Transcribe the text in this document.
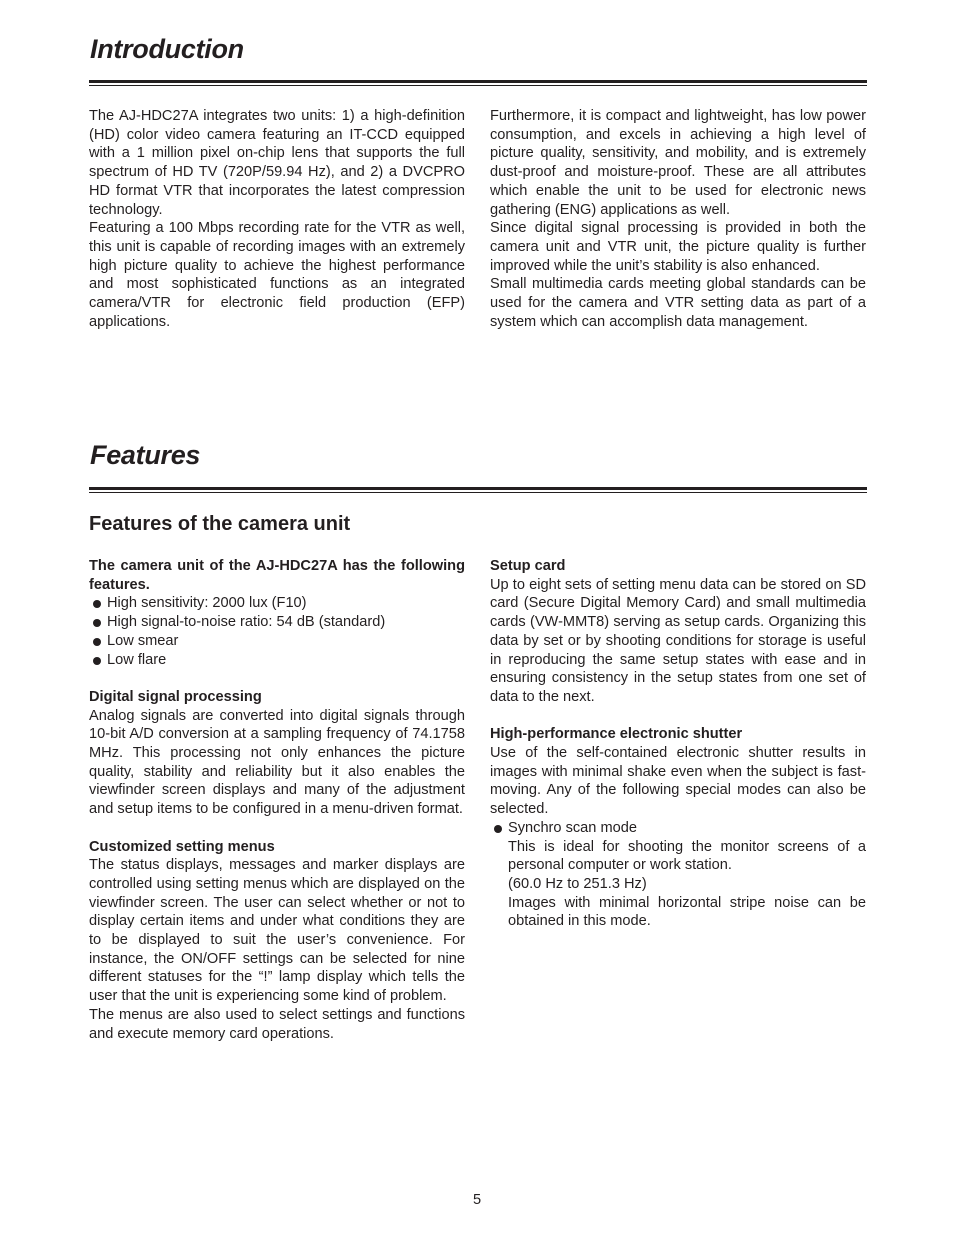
Introduction

The AJ-HDC27A integrates two units: 1) a high-definition (HD) color video camera featuring an IT-CCD equipped with a 1 million pixel on-chip lens that supports the full spectrum of HD TV (720P/59.94 Hz), and 2) a DVCPRO HD format VTR that incorporates the latest compression technology.

Featuring a 100 Mbps recording rate for the VTR as well, this unit is capable of recording images with an extremely high picture quality to achieve the highest performance and most sophisticated functions as an integrated camera/VTR for electronic field production (EFP) applications.

Furthermore, it is compact and lightweight, has low power consumption, and excels in achieving a high level of picture quality, sensitivity, and mobility, and is extremely dust-proof and moisture-proof. These are all attributes which enable the unit to be used for electronic news gathering (ENG) applications as well.

Since digital signal processing is provided in both the camera unit and VTR unit, the picture quality is further improved while the unit’s stability is also enhanced.

Small multimedia cards meeting global standards can be used for the camera and VTR setting data as part of a system which can accomplish data management.

Features
Features of the camera unit

The camera unit of the AJ-HDC27A has the following features.

High sensitivity: 2000 lux (F10)
High signal-to-noise ratio: 54 dB (standard)
Low smear
Low flare

Digital signal processing

Analog signals are converted into digital signals through 10-bit A/D conversion at a sampling frequency of 74.1758 MHz. This processing not only enhances the picture quality, stability and reliability but it also enables the viewfinder screen displays and many of the adjustment and setup items to be configured in a menu-driven format.

Customized setting menus

The status displays, messages and marker displays are controlled using setting menus which are displayed on the viewfinder screen. The user can select whether or not to display certain items and under what conditions they are to be displayed to suit the user’s convenience. For instance, the ON/OFF settings can be selected for nine different statuses for the “!” lamp display which tells the user that the unit is experiencing some kind of problem.

The menus are also used to select settings and functions and execute memory card operations.

Setup card

Up to eight sets of setting menu data can be stored on SD card (Secure Digital Memory Card) and small multimedia cards (VW-MMT8) serving as setup cards. Organizing this data by set or by shooting conditions for storage is useful in reproducing the same setup states with ease and in ensuring consistency in the setup states from one set of data to the next.

High-performance electronic shutter

Use of the self-contained electronic shutter results in images with minimal shake even when the subject is fast-moving. Any of the following special modes can also be selected.

Synchro scan mode

This is ideal for shooting the monitor screens of a personal computer or work station.

(60.0 Hz to 251.3 Hz)

Images with minimal horizontal stripe noise can be obtained in this mode.

5
